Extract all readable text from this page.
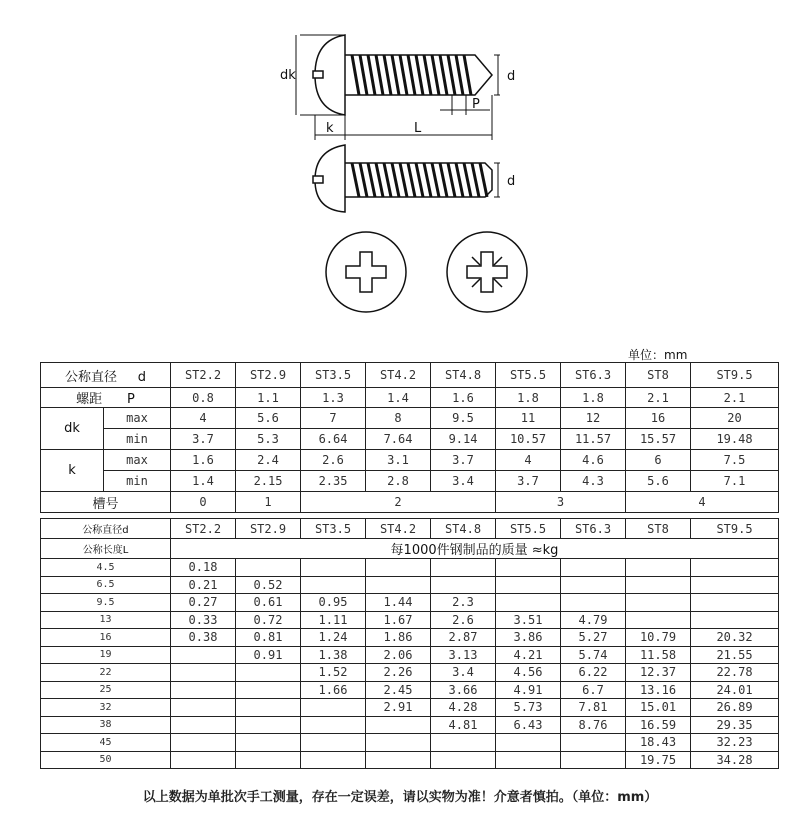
dk	d
P
k	L
d
单位：mm
公称直径 d		ST2.2	ST2.9	ST3.5	ST4.2	ST4.8	ST5.5	ST6.3	ST8	ST9.5
螺距 P		0.8	1.1	1.3	1.4	1.6	1.8	1.8	2.1	2.1
dk	max	4	5.6	7	8	9.5	11	12	16	20
	min	3.7	5.3	6.64	7.64	9.14	10.57	11.57	15.57	19.48
k	max	1.6	2.4	2.6	3.1	3.7	4	4.6	6	7.5
	min	1.4	2.15	2.35	2.8	3.4	3.7	4.3	5.6	7.1
槽号		0	1	2			3		4	
公称直径d	ST2.2	ST2.9	ST3.5	ST4.2	ST4.8	ST5.5	ST6.3	ST8	ST9.5
公称长度L	每1000件钢制品的质量 ≈kg								
4.5	0.18								
6.5	0.21	0.52							
9.5	0.27	0.61	0.95	1.44	2.3				
13	0.33	0.72	1.11	1.67	2.6	3.51	4.79		
16	0.38	0.81	1.24	1.86	2.87	3.86	5.27	10.79	20.32
19		0.91	1.38	2.06	3.13	4.21	5.74	11.58	21.55
22			1.52	2.26	3.4	4.56	6.22	12.37	22.78
25			1.66	2.45	3.66	4.91	6.7	13.16	24.01
32				2.91	4.28	5.73	7.81	15.01	26.89
38					4.81	6.43	8.76	16.59	29.35
45								18.43	32.23
50								19.75	34.28
以上数据为单批次手工测量，存在一定误差，请以实物为准！介意者慎拍。（单位：mm）
